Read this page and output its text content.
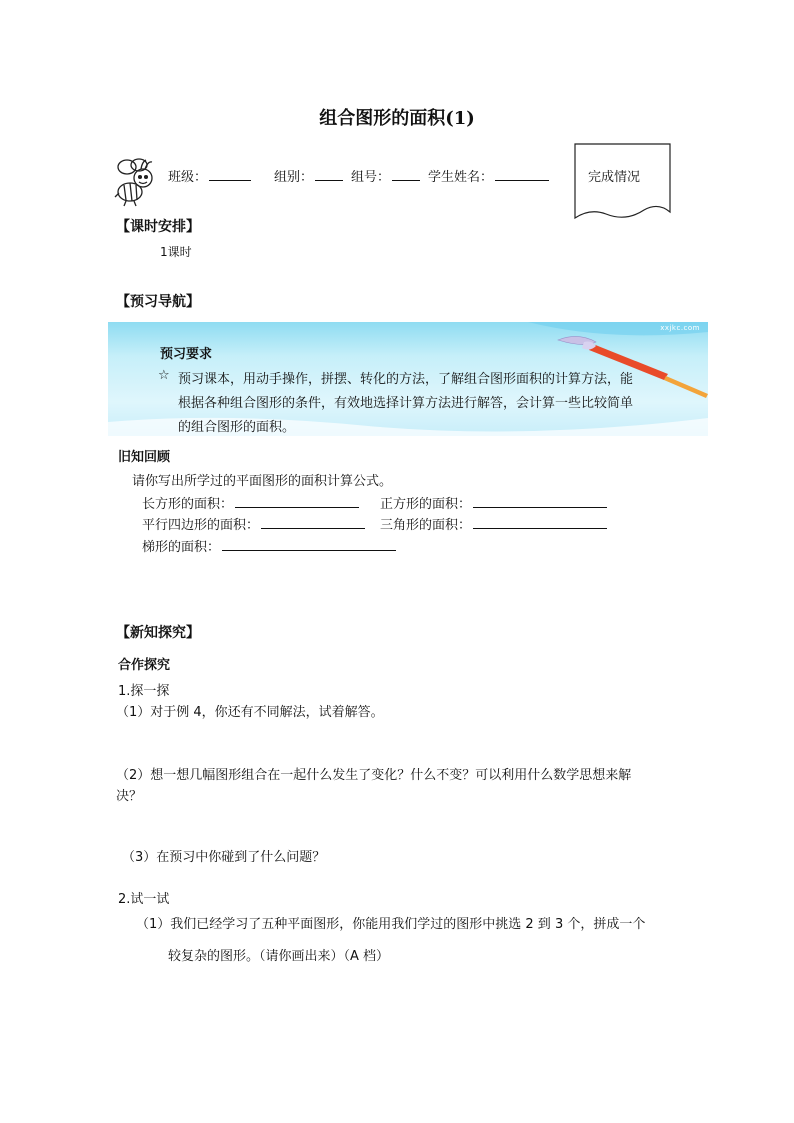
组合图形的面积(1)
班级：	组别：	组号：	学生姓名：	完成情况
【课时安排】
1课时
【预习导航】
xxjkc.com
预习要求
☆ 预习课本，用动手操作，拼摆、转化的方法，了解组合图形面积的计算方法，能
根据各种组合图形的条件，有效地选择计算方法进行解答，会计算一些比较简单
的组合图形的面积。
旧知回顾
请你写出所学过的平面图形的面积计算公式。
长方形的面积：	正方形的面积：
平行四边形的面积：	三角形的面积：
梯形的面积：
【新知探究】
合作探究
1.探一探
（1）对于例 4，你还有不同解法，试着解答。
（2）想一想几幅图形组合在一起什么发生了变化？什么不变？可以利用什么数学思想来解
决？
（3）在预习中你碰到了什么问题？
2.试一试
（1）我们已经学习了五种平面图形，你能用我们学过的图形中挑选 2 到 3 个，拼成一个
较复杂的图形。（请你画出来）（A 档）
